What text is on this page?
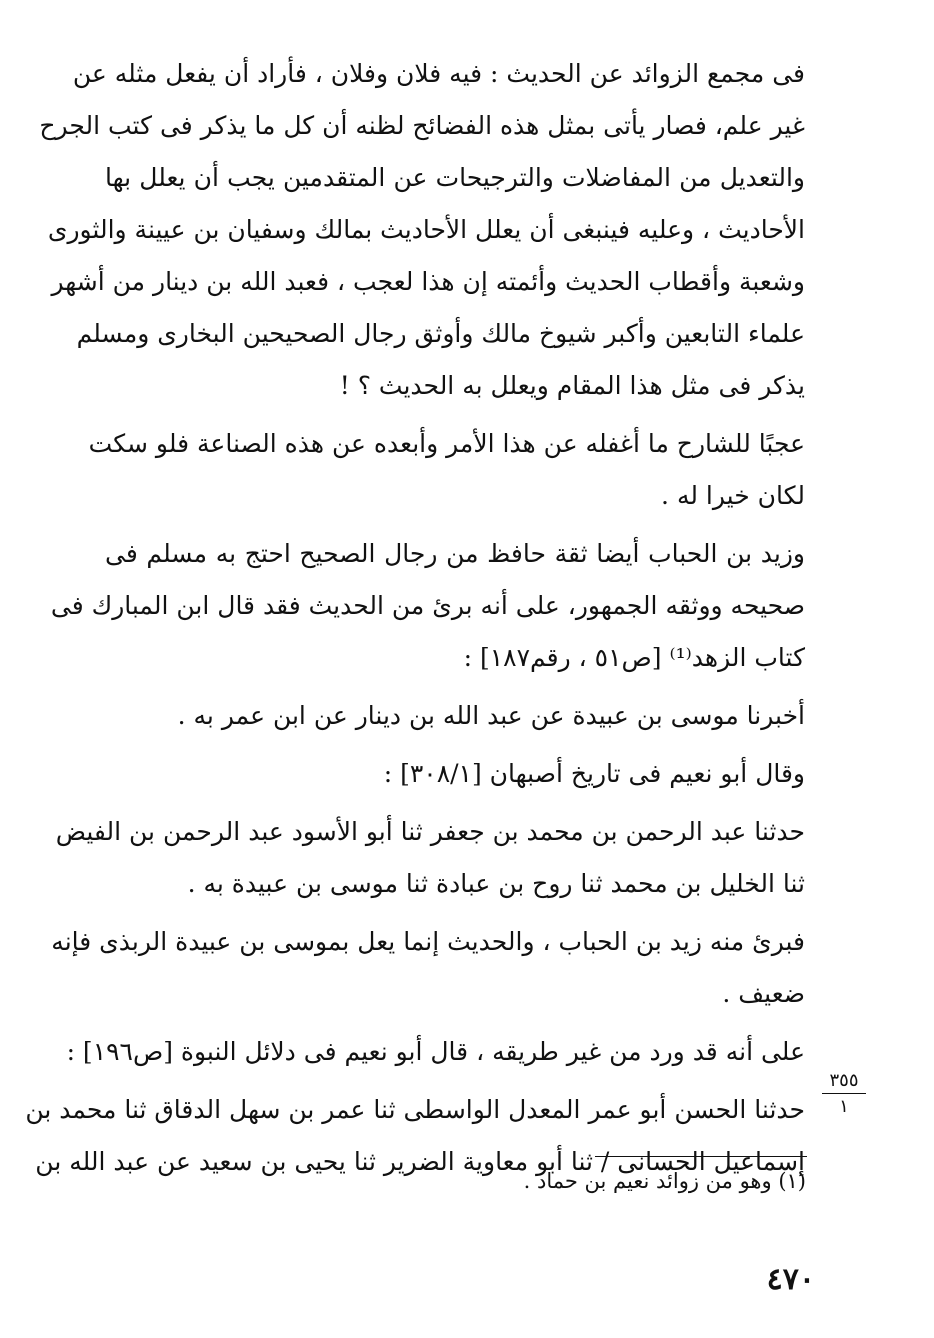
فى مجمع الزوائد عن الحديث : فيه فلان وفلان ، فأراد أن يفعل مثله عن
غير علم، فصار يأتى بمثل هذه الفضائح لظنه أن كل ما يذكر فى كتب الجرح
والتعديل من المفاضلات والترجيحات عن المتقدمين يجب أن يعلل بها
الأحاديث ، وعليه فينبغى أن يعلل الأحاديث بمالك وسفيان بن عيينة والثورى
وشعبة وأقطاب الحديث وأئمته إن هذا لعجب ، فعبد الله بن دينار من أشهر
علماء التابعين وأكبر شيوخ مالك وأوثق رجال الصحيحين البخارى ومسلم
يذكر فى مثل هذا المقام ويعلل به الحديث ؟ !
عجبًا للشارح ما أغفله عن هذا الأمر وأبعده عن هذه الصناعة فلو سكت
لكان خيرا له .
وزيد بن الحباب أيضا ثقة حافظ من رجال الصحيح احتج به مسلم فى
صحيحه ووثقه الجمهور، على أنه برئ من الحديث فقد قال ابن المبارك فى
كتاب الزهد⁽¹⁾ [ص٥١ ، رقم١٨٧] :
أخبرنا موسى بن عبيدة عن عبد الله بن دينار عن ابن عمر به .
وقال أبو نعيم فى تاريخ أصبهان [٣٠٨/١] :
حدثنا عبد الرحمن بن محمد بن جعفر ثنا أبو الأسود عبد الرحمن بن الفيض
ثنا الخليل بن محمد ثنا روح بن عبادة ثنا موسى بن عبيدة به .
فبرئ منه زيد بن الحباب ، والحديث إنما يعل بموسى بن عبيدة الربذى فإنه
ضعيف .
على أنه قد ورد من غير طريقه ، قال أبو نعيم فى دلائل النبوة [ص١٩٦] :
حدثنا الحسن أبو عمر المعدل الواسطى ثنا عمر بن سهل الدقاق ثنا محمد بن
إسماعيل الحسانى / ثنا أبو معاوية الضرير ثنا يحيى بن سعيد عن عبد الله بن
٣٥٥
١
(١) وهو من زوائد نعيم بن حماد .
٤٧٠
